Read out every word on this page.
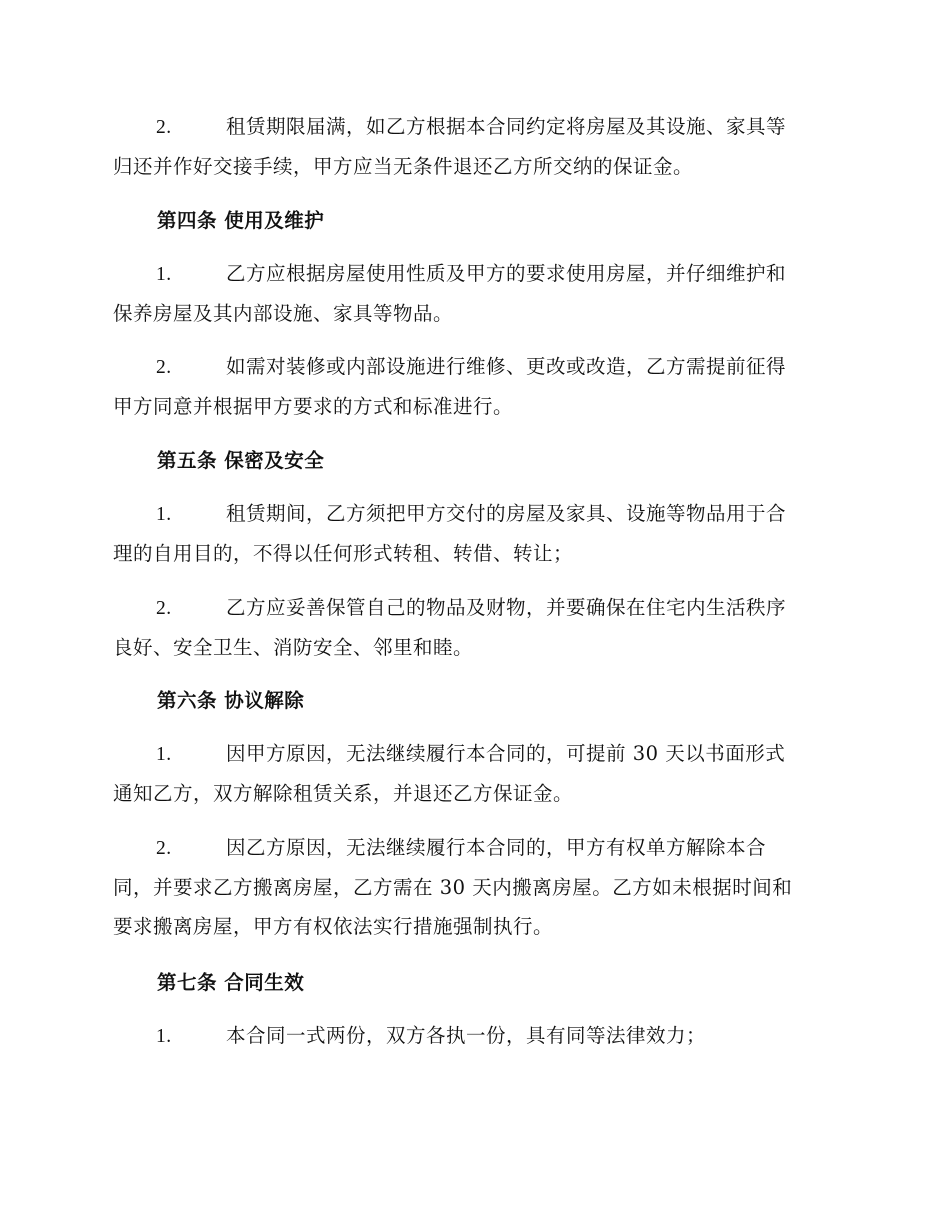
2.	租赁期限届满，如乙方根据本合同约定将房屋及其设施、家具等
归还并作好交接手续，甲方应当无条件退还乙方所交纳的保证金。
第四条 使用及维护
1.	乙方应根据房屋使用性质及甲方的要求使用房屋，并仔细维护和
保养房屋及其内部设施、家具等物品。
2.	如需对装修或内部设施进行维修、更改或改造，乙方需提前征得
甲方同意并根据甲方要求的方式和标准进行。
第五条 保密及安全
1.	租赁期间，乙方须把甲方交付的房屋及家具、设施等物品用于合
理的自用目的，不得以任何形式转租、转借、转让；
2.	乙方应妥善保管自己的物品及财物，并要确保在住宅内生活秩序
良好、安全卫生、消防安全、邻里和睦。
第六条 协议解除
1.	因甲方原因，无法继续履行本合同的，可提前 30 天以书面形式
通知乙方，双方解除租赁关系，并退还乙方保证金。
2.	因乙方原因，无法继续履行本合同的，甲方有权单方解除本合
同，并要求乙方搬离房屋，乙方需在 30 天内搬离房屋。乙方如未根据时间和
要求搬离房屋，甲方有权依法实行措施强制执行。
第七条 合同生效
1.	本合同一式两份，双方各执一份，具有同等法律效力；
